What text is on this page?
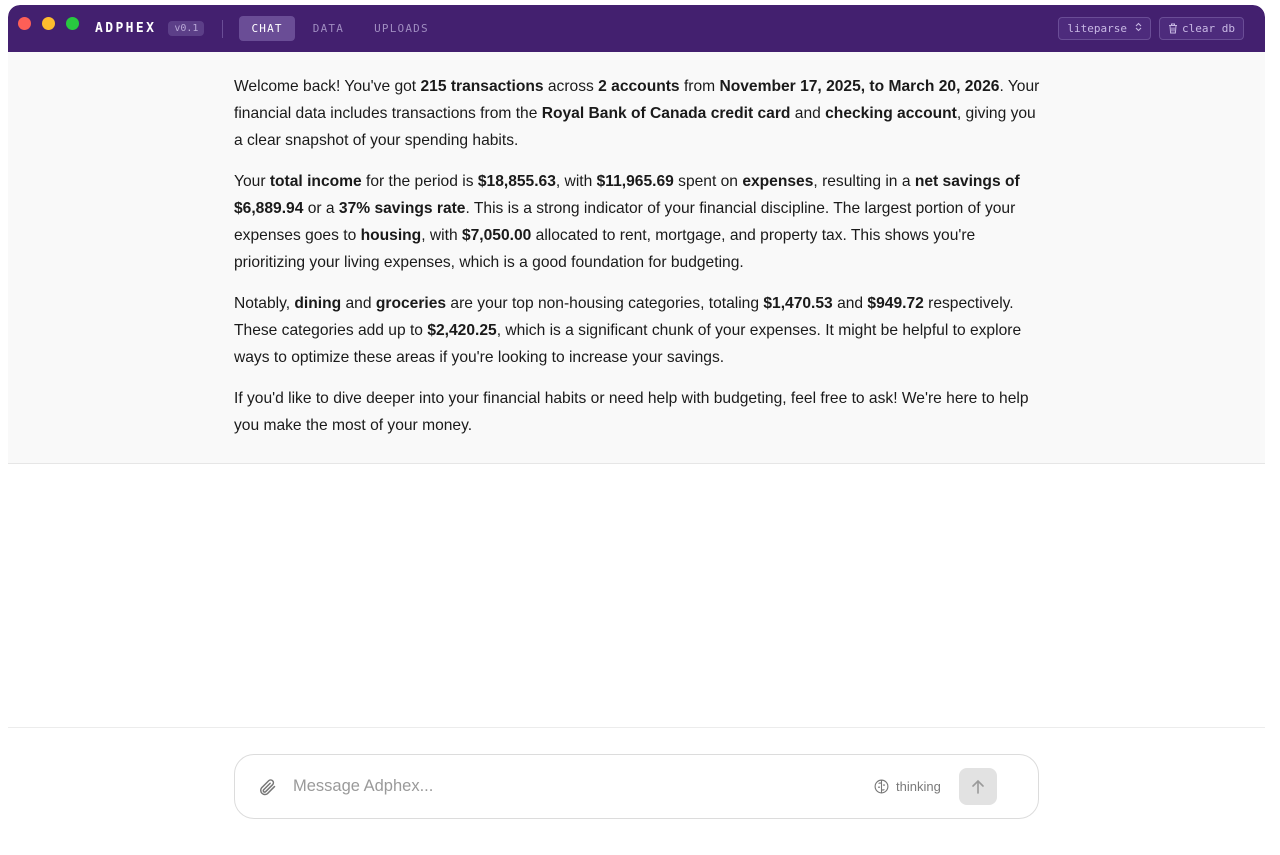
ADPHEX	v0.1	CHAT	DATA	UPLOADS	liteparse	clear db

Welcome back! You've got 215 transactions across 2 accounts from November 17, 2025, to March 20, 2026. Your financial data includes transactions from the Royal Bank of Canada credit card and checking account, giving you a clear snapshot of your spending habits.

Your total income for the period is $18,855.63, with $11,965.69 spent on expenses, resulting in a net savings of $6,889.94 or a 37% savings rate. This is a strong indicator of your financial discipline. The largest portion of your expenses goes to housing, with $7,050.00 allocated to rent, mortgage, and property tax. This shows you're prioritizing your living expenses, which is a good foundation for budgeting.

Notably, dining and groceries are your top non-housing categories, totaling $1,470.53 and $949.72 respectively. These categories add up to $2,420.25, which is a significant chunk of your expenses. It might be helpful to explore ways to optimize these areas if you're looking to increase your savings.

If you'd like to dive deeper into your financial habits or need help with budgeting, feel free to ask! We're here to help you make the most of your money.

Message Adphex...
thinking
